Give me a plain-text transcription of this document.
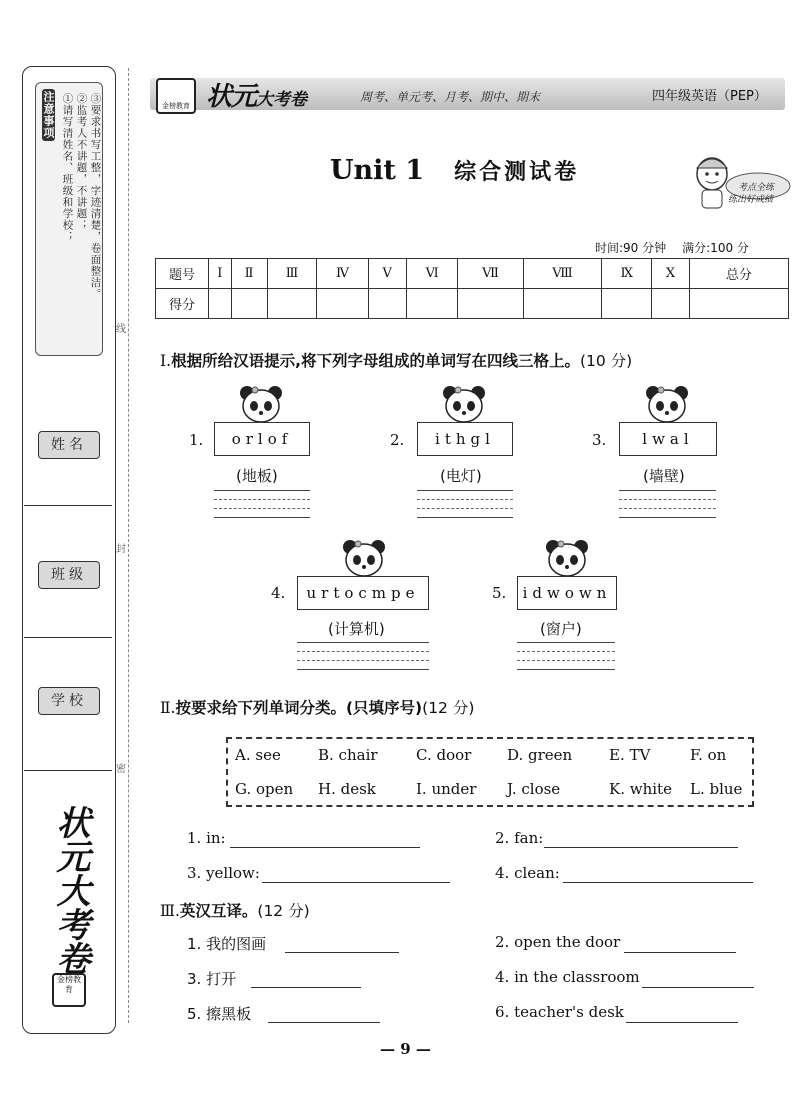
注意事项 ①请写清姓名、班级和学校； ②监考人不讲题，不讲题； ③要求书写工整，字迹清楚，卷面整洁。
姓名
班级
学校
状元大考卷
金榜教育
线
封
密
金榜教育 状元大考卷	周考、单元考、月考、期中、期末	四年级英语（PEP）
Unit 1 综合测试卷
考点全练
练出好成绩
时间:90 分钟 满分:100 分
题号	Ⅰ	Ⅱ	Ⅲ	Ⅳ	Ⅴ	Ⅵ	Ⅶ	Ⅷ	Ⅸ	Ⅹ	总分
得分											
Ⅰ.根据所给汉语提示,将下列字母组成的单词写在四线三格上。(10 分)
1.	orlof
(地板)
2.	ithgl
(电灯)
3.	lwal
(墙壁)
4.	urtocmpe
(计算机)
5.	idwown
(窗户)
Ⅱ.按要求给下列单词分类。(只填序号)(12 分)
A. see B. chair	C. door D. green E. TV	F. on
G. open H. desk	I. under J. close	K. white L. blue
1. in:	2. fan:
3. yellow:	4. clean:
Ⅲ.英汉互译。(12 分)
1. 我的图画	2. open the door
3. 打开	4. in the classroom
5. 擦黑板	6. teacher's desk
— 9 —
